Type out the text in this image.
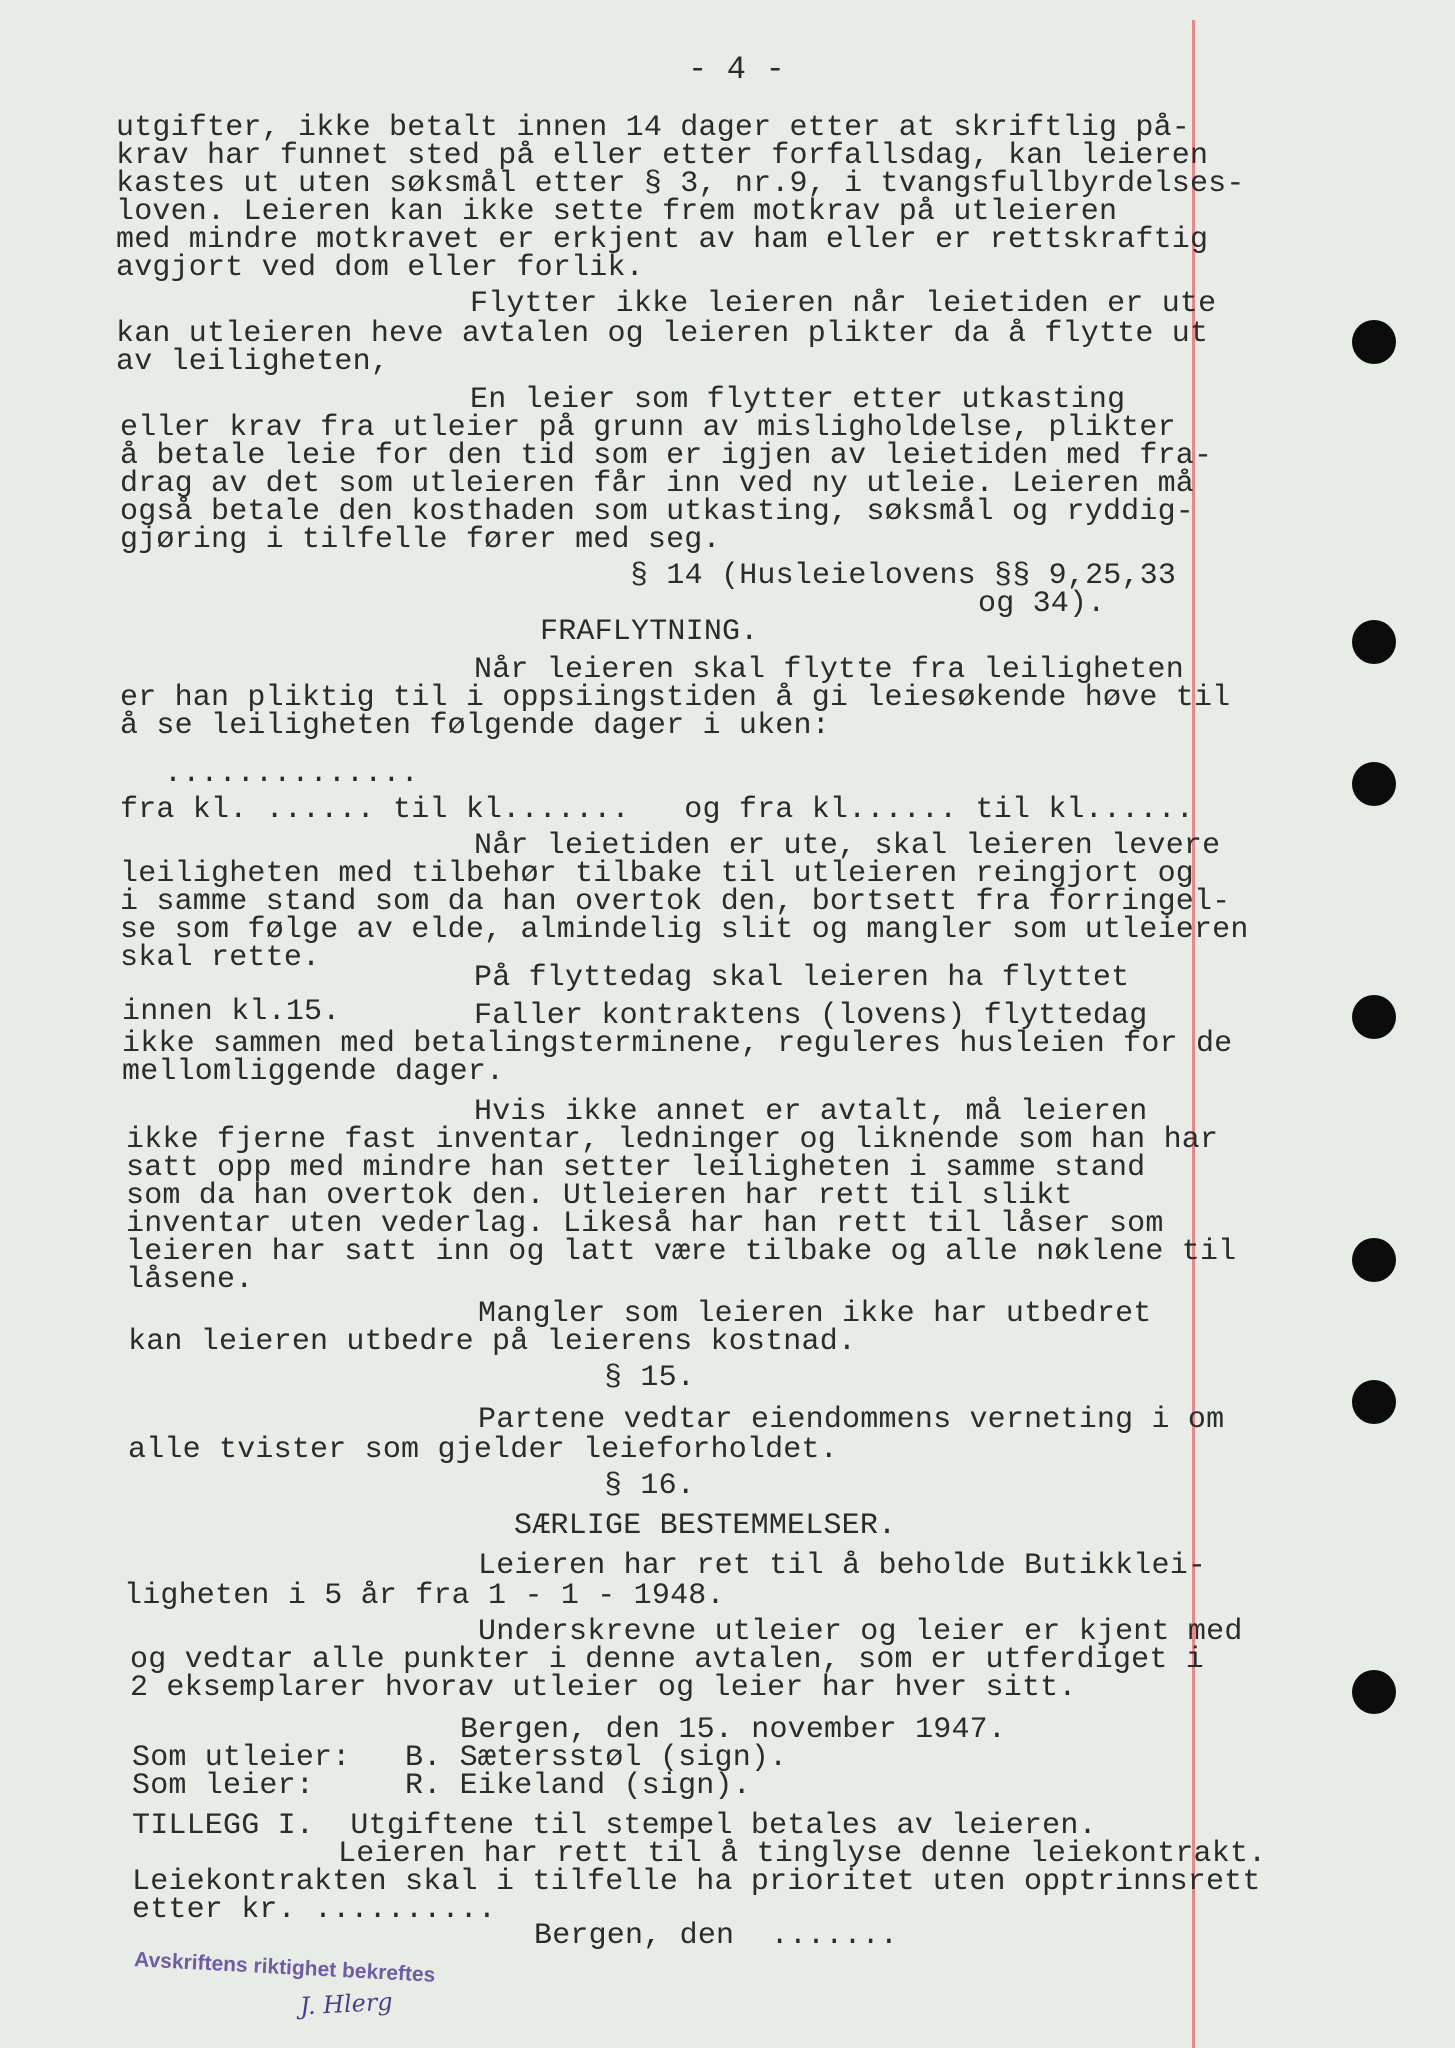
- 4 -
utgifter, ikke betalt innen 14 dager etter at skriftlig på-
krav har funnet sted på eller etter forfallsdag, kan leieren
kastes ut uten søksmål etter § 3, nr.9, i tvangsfullbyrdelses-
loven. Leieren kan ikke sette frem motkrav på utleieren
med mindre motkravet er erkjent av ham eller er rettskraftig
avgjort ved dom eller forlik.
Flytter ikke leieren når leietiden er ute
kan utleieren heve avtalen og leieren plikter da å flytte ut
av leiligheten,
En leier som flytter etter utkasting
eller krav fra utleier på grunn av misligholdelse, plikter
å betale leie for den tid som er igjen av leietiden med fra-
drag av det som utleieren får inn ved ny utleie. Leieren må
også betale den kosthaden som utkasting, søksmål og ryddig-
gjøring i tilfelle fører med seg.
§ 14 (Husleielovens §§ 9,25,33
og 34).
FRAFLYTNING.
Når leieren skal flytte fra leiligheten
er han pliktig til i oppsiingstiden å gi leiesøkende høve til
å se leiligheten følgende dager i uken:
..............
fra kl. ...... til kl.......   og fra kl...... til kl......
Når leietiden er ute, skal leieren levere
leiligheten med tilbehør tilbake til utleieren reingjort og
i samme stand som da han overtok den, bortsett fra forringel-
se som følge av elde, almindelig slit og mangler som utleieren
skal rette.
På flyttedag skal leieren ha flyttet
innen kl.15.	Faller kontraktens (lovens) flyttedag
ikke sammen med betalingsterminene, reguleres husleien for de
mellomliggende dager.
Hvis ikke annet er avtalt, må leieren
ikke fjerne fast inventar, ledninger og liknende som han har
satt opp med mindre han setter leiligheten i samme stand
som da han overtok den. Utleieren har rett til slikt
inventar uten vederlag. Likeså har han rett til låser som
leieren har satt inn og latt være tilbake og alle nøklene til
låsene.
Mangler som leieren ikke har utbedret
kan leieren utbedre på leierens kostnad.
§ 15.
Partene vedtar eiendommens verneting i om
alle tvister som gjelder leieforholdet.
§ 16.
SÆRLIGE BESTEMMELSER.
Leieren har ret til å beholde Butikklei-
ligheten i 5 år fra 1 - 1 - 1948.
Underskrevne utleier og leier er kjent med
og vedtar alle punkter i denne avtalen, som er utferdiget i
2 eksemplarer hvorav utleier og leier har hver sitt.
Bergen, den 15. november 1947.
Som utleier:   B. Sætersstøl (sign).
Som leier:     R. Eikeland (sign).
TILLEGG I.  Utgiftene til stempel betales av leieren.
Leieren har rett til å tinglyse denne leiekontrakt.
Leiekontrakten skal i tilfelle ha prioritet uten opptrinnsrett
etter kr. ..........
Bergen, den  .......
Avskriftens riktighet bekreftes
J. Hlerg
